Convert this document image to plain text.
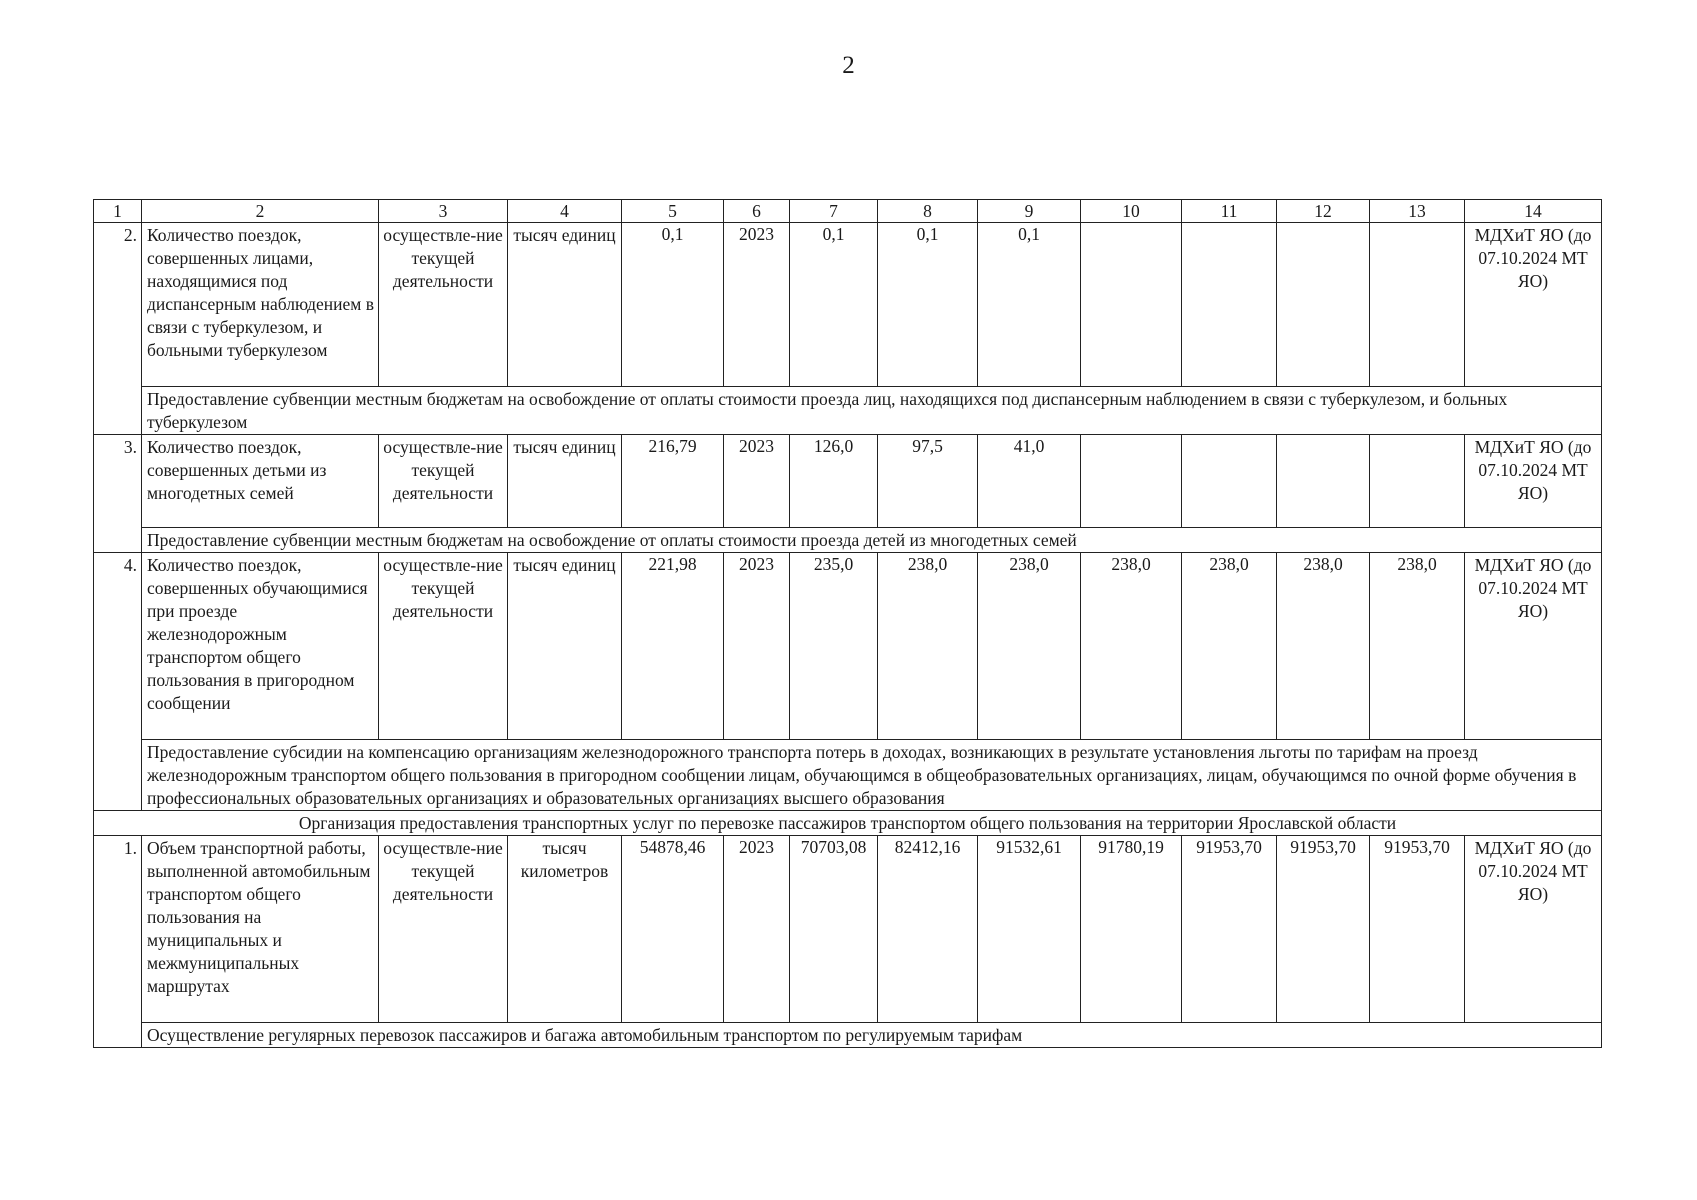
2
1	2	3	4	5	6	7	8	9	10	11	12	13	14
2.	Количество поездок, совершенных лицами, находящимися под диспансерным наблюдением в связи с туберкулезом, и больными туберкулезом	осуществле-ние текущей деятельности	тысяч единиц	0,1	2023	0,1	0,1	0,1					МДХиТ ЯО (до 07.10.2024 МТ ЯО)
	Предоставление субвенции местным бюджетам на освобождение от оплаты стоимости проезда лиц, находящихся под диспансерным наблюдением в связи с туберкулезом, и больных туберкулезом												
3.	Количество поездок, совершенных детьми из многодетных семей	осуществле-ние текущей деятельности	тысяч единиц	216,79	2023	126,0	97,5	41,0					МДХиТ ЯО (до 07.10.2024 МТ ЯО)
	Предоставление субвенции местным бюджетам на освобождение от оплаты стоимости проезда детей из многодетных семей												
4.	Количество поездок, совершенных обучающимися при проезде железнодорожным транспортом общего пользования в пригородном сообщении	осуществле-ние текущей деятельности	тысяч единиц	221,98	2023	235,0	238,0	238,0	238,0	238,0	238,0	238,0	МДХиТ ЯО (до 07.10.2024 МТ ЯО)
	Предоставление субсидии на компенсацию организациям железнодорожного транспорта потерь в доходах, возникающих в результате установления льготы по тарифам на проезд железнодорожным транспортом общего пользования в пригородном сообщении лицам, обучающимся в общеобразовательных организациях, лицам, обучающимся по очной форме обучения в профессиональных образовательных организациях и образовательных организациях высшего образования												
Организация предоставления транспортных услуг по перевозке пассажиров транспортом общего пользования на территории Ярославской области													
1.	Объем транспортной работы, выполненной автомобильным транспортом общего пользования на муниципальных и межмуниципальных маршрутах	осуществле-ние текущей деятельности	тысяч километров	54878,46	2023	70703,08	82412,16	91532,61	91780,19	91953,70	91953,70	91953,70	МДХиТ ЯО (до 07.10.2024 МТ ЯО)
	Осуществление регулярных перевозок пассажиров и багажа автомобильным транспортом по регулируемым тарифам												
